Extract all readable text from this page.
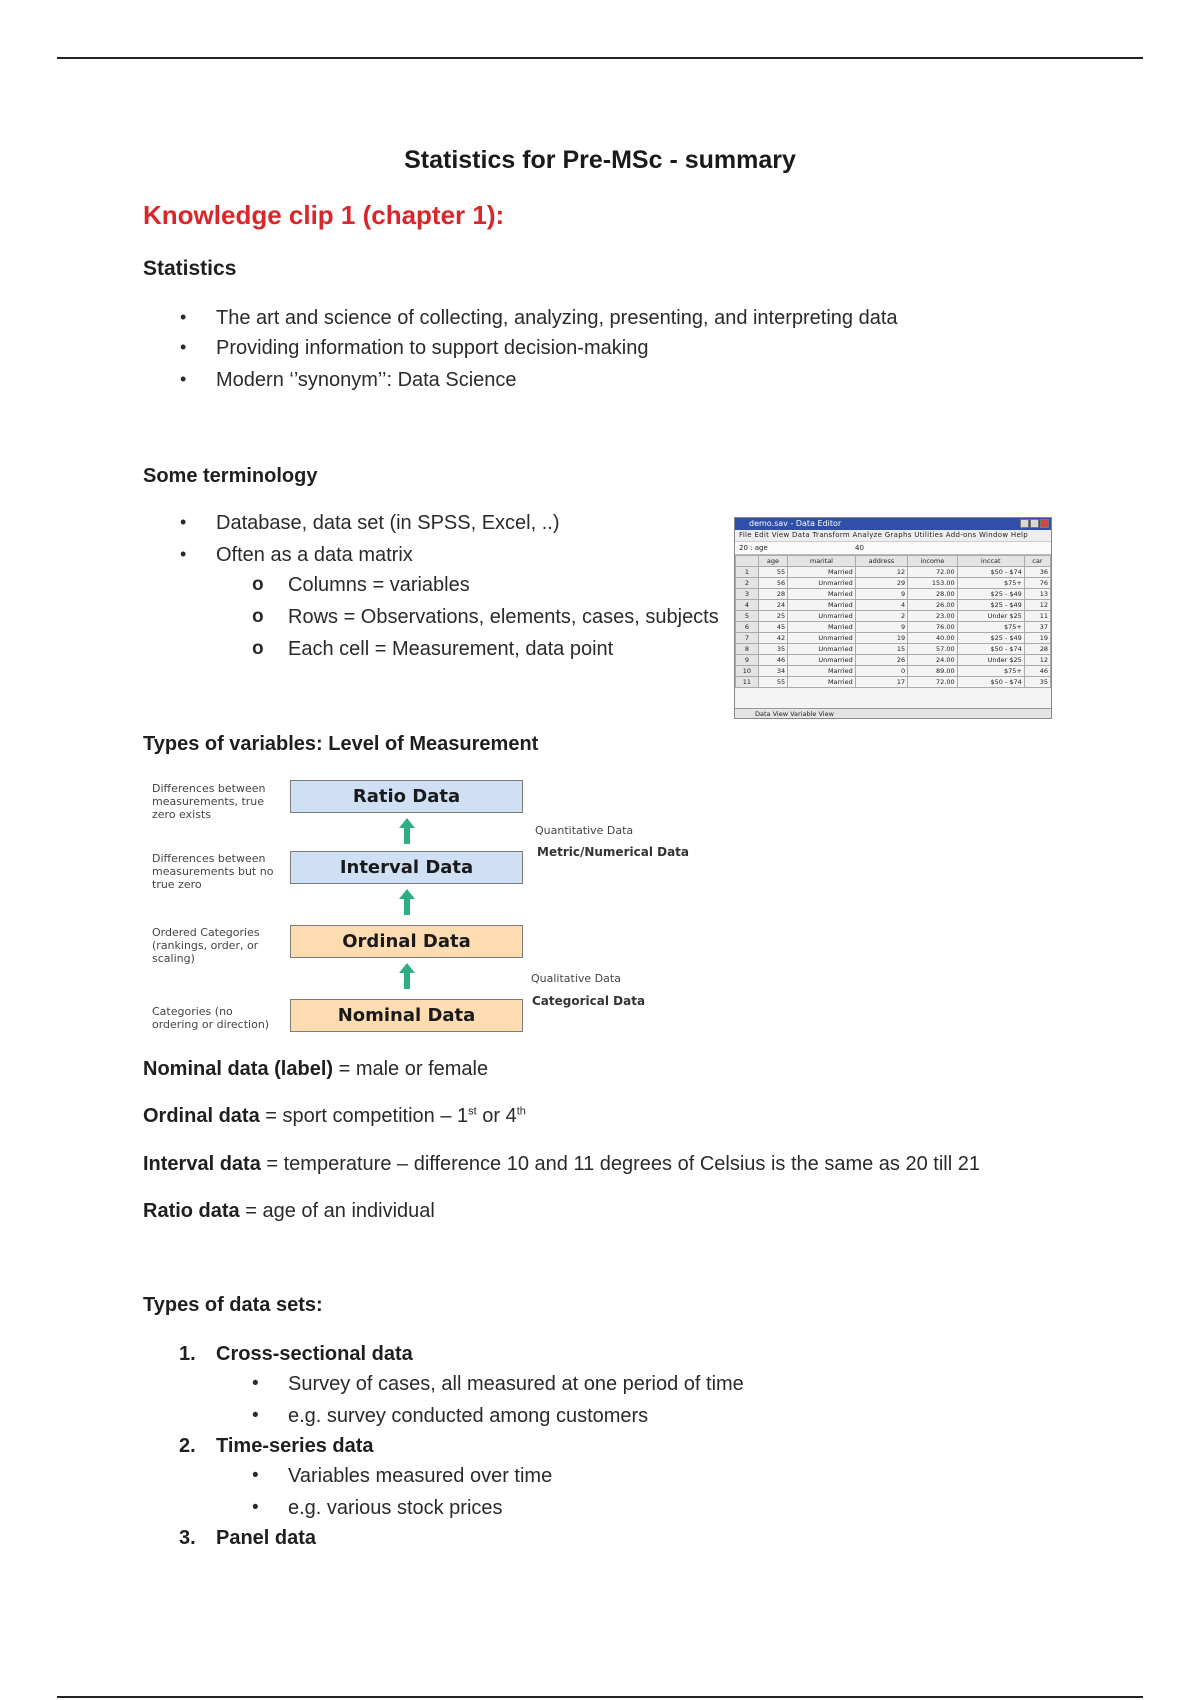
Statistics for Pre-MSc - summary
Knowledge clip 1 (chapter 1):
Statistics
• The art and science of collecting, analyzing, presenting, and interpreting data
• Providing information to support decision-making
• Modern ‘’synonym’’: Data Science
Some terminology
• Database, data set (in SPSS, Excel, ..)
• Often as a data matrix
o Columns = variables
o Rows = Observations, elements, cases, subjects
o Each cell = Measurement, data point
demo.sav - Data Editor
File Edit View Data Transform Analyze Graphs Utilities Add-ons Window Help
20 : age	40
	age	marital	address	income	inccat	car
1	55	Married	12	72.00	$50 - $74	36
2	56	Unmarried	29	153.00	$75+	76
3	28	Married	9	28.00	$25 - $49	13
4	24	Married	4	26.00	$25 - $49	12
5	25	Unmarried	2	23.00	Under $25	11
6	45	Married	9	76.00	$75+	37
7	42	Unmarried	19	40.00	$25 - $49	19
8	35	Unmarried	15	57.00	$50 - $74	28
9	46	Unmarried	26	24.00	Under $25	12
10	34	Married	0	89.00	$75+	46
11	55	Married	17	72.00	$50 - $74	35
Data View Variable View
Types of variables: Level of Measurement
Differences between measurements, true zero exists
Ratio Data
Differences between measurements but no true zero
Interval Data
Ordered Categories (rankings, order, or scaling)
Ordinal Data
Categories (no ordering or direction)	Nominal Data
Quantitative Data
Metric/Numerical Data
Qualitative Data
Categorical Data
Nominal data (label) = male or female
Ordinal data = sport competition – 1st or 4th
Interval data = temperature – difference 10 and 11 degrees of Celsius is the same as 20 till 21
Ratio data = age of an individual
Types of data sets:
1. Cross-sectional data
• Survey of cases, all measured at one period of time
• e.g. survey conducted among customers
2. Time-series data
• Variables measured over time
• e.g. various stock prices
3. Panel data
